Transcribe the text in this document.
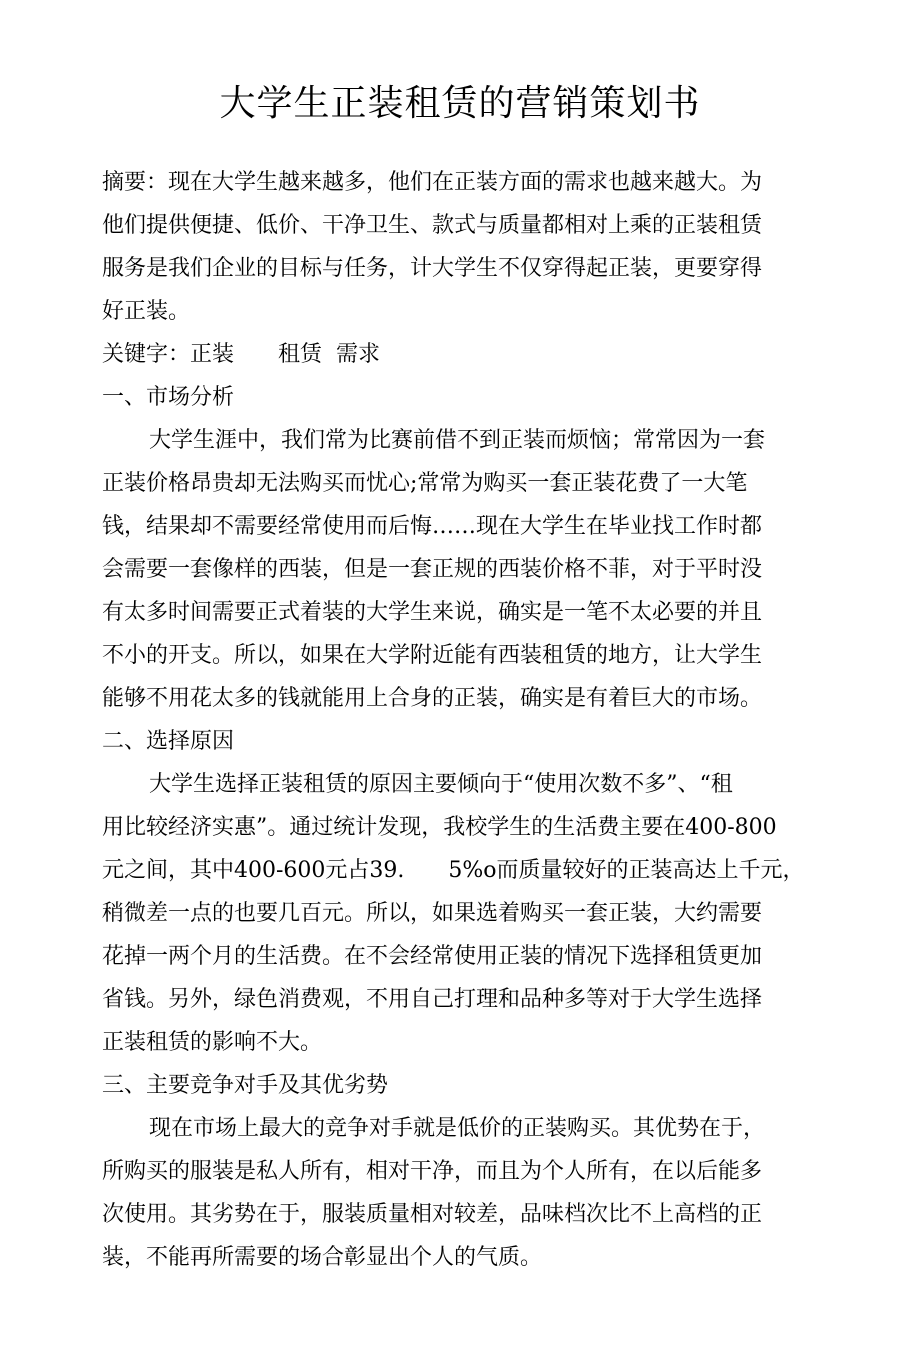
大学生正装租赁的营销策划书
摘要：现在大学生越来越多，他们在正装方面的需求也越来越大。为
他们提供便捷、低价、干净卫生、款式与质量都相对上乘的正装租赁
服务是我们企业的目标与任务，计大学生不仅穿得起正装，更要穿得
好正装。
关键字：正装　　租赁  需求
一、市场分析
大学生涯中，我们常为比赛前借不到正装而烦恼；常常因为一套
正装价格昂贵却无法购买而忧心;常常为购买一套正装花费了一大笔
钱，结果却不需要经常使用而后悔……现在大学生在毕业找工作时都
会需要一套像样的西装，但是一套正规的西装价格不菲，对于平时没
有太多时间需要正式着装的大学生来说，确实是一笔不太必要的并且
不小的开支。所以，如果在大学附近能有西装租赁的地方，让大学生
能够不用花太多的钱就能用上合身的正装，确实是有着巨大的市场。
二、选择原因
大学生选择正装租赁的原因主要倾向于“使用次数不多”、“租
用比较经济实惠”。通过统计发现，我校学生的生活费主要在400-800
元之间，其中400-600元占39.　　5%o而质量较好的正装高达上千元，
稍微差一点的也要几百元。所以，如果选着购买一套正装，大约需要
花掉一两个月的生活费。在不会经常使用正装的情况下选择租赁更加
省钱。另外，绿色消费观，不用自己打理和品种多等对于大学生选择
正装租赁的影响不大。
三、主要竞争对手及其优劣势
现在市场上最大的竞争对手就是低价的正装购买。其优势在于，
所购买的服装是私人所有，相对干净，而且为个人所有，在以后能多
次使用。其劣势在于，服装质量相对较差，品味档次比不上高档的正
装，不能再所需要的场合彰显出个人的气质。
